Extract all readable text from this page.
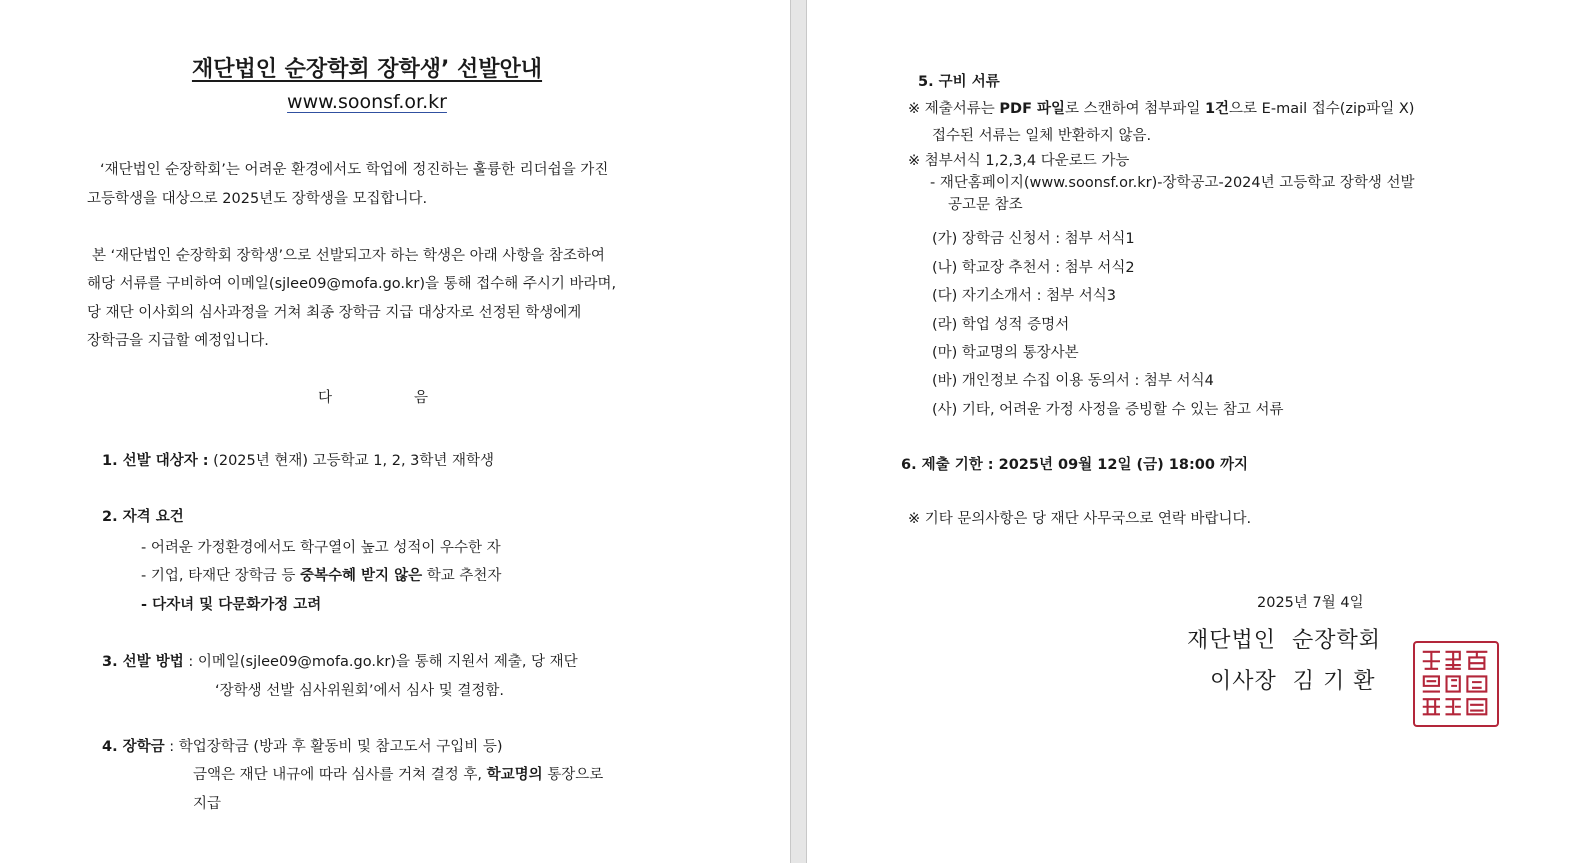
재단법인 순장학회 장학생’ 선발안내
www.soonsf.or.kr
‘재단법인 순장학회’는 어려운 환경에서도 학업에 정진하는 훌륭한 리더쉽을 가진
고등학생을 대상으로 2025년도 장학생을 모집합니다.
본 ‘재단법인 순장학회 장학생’으로 선발되고자 하는 학생은 아래 사항을 참조하여
해당 서류를 구비하여 이메일(sjlee09@mofa.go.kr)을 통해 접수해 주시기 바라며,
당 재단 이사회의 심사과정을 거쳐 최종 장학금 지급 대상자로 선정된 학생에게
장학금을 지급할 예정입니다.
다	음
1. 선발 대상자 : (2025년 현재) 고등학교 1, 2, 3학년 재학생
2. 자격 요건
- 어려운 가정환경에서도 학구열이 높고 성적이 우수한 자
- 기업, 타재단 장학금 등 중복수혜 받지 않은 학교 추천자
- 다자녀 및 다문화가정 고려
3. 선발 방법 : 이메일(sjlee09@mofa.go.kr)을 통해 지원서 제출, 당 재단
‘장학생 선발 심사위원회’에서 심사 및 결정함.
4. 장학금 : 학업장학금 (방과 후 활동비 및 참고도서 구입비 등)
금액은 재단 내규에 따라 심사를 거쳐 결정 후, 학교명의 통장으로
지급
5. 구비 서류
※ 제출서류는 PDF 파일로 스캔하여 첨부파일 1건으로 E-mail 접수(zip파일 X)
접수된 서류는 일체 반환하지 않음.
※ 첨부서식 1,2,3,4 다운로드 가능
- 재단홈페이지(www.soonsf.or.kr)-장학공고-2024년 고등학교 장학생 선발
공고문 참조
(가) 장학금 신청서 : 첨부 서식1
(나) 학교장 추천서 : 첨부 서식2
(다) 자기소개서 : 첨부 서식3
(라) 학업 성적 증명서
(마) 학교명의 통장사본
(바) 개인정보 수집 이용 동의서 : 첨부 서식4
(사) 기타, 어려운 가정 사정을 증빙할 수 있는 참고 서류
6. 제출 기한 : 2025년 09월 12일 (금) 18:00 까지
※ 기타 문의사항은 당 재단 사무국으로 연락 바랍니다.
2025년 7월 4일
재단법인  순장학회
이사장  김 기 환
